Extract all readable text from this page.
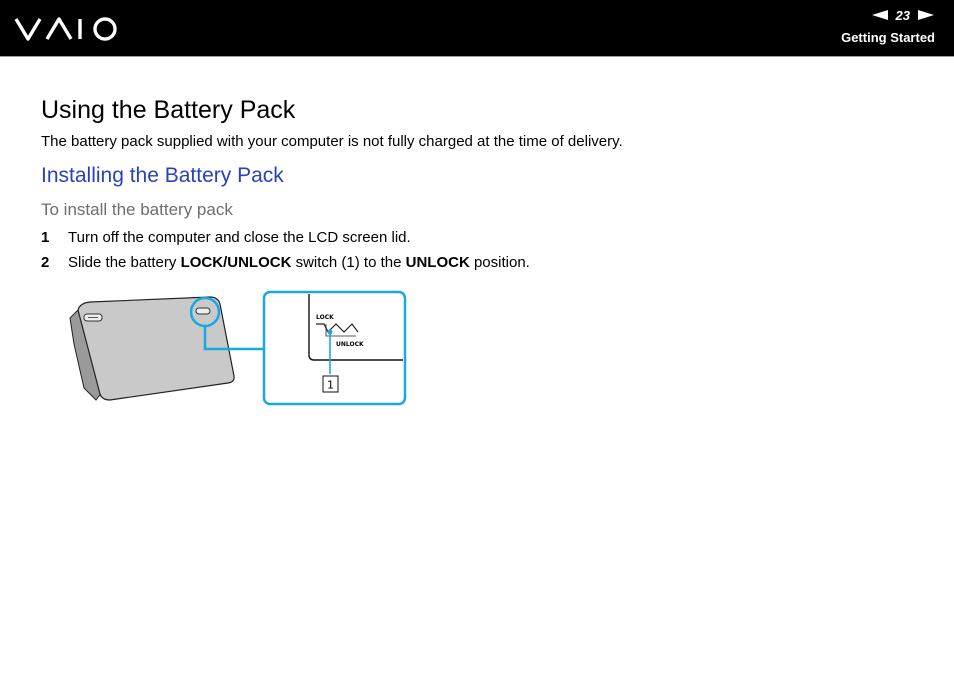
23
Getting Started
Using the Battery Pack

The battery pack supplied with your computer is not fully charged at the time of delivery.

Installing the Battery Pack

To install the battery pack

1 Turn off the computer and close the LCD screen lid.
2 Slide the battery LOCK/UNLOCK switch (1) to the UNLOCK position.
LOCK
UNLOCK
1
